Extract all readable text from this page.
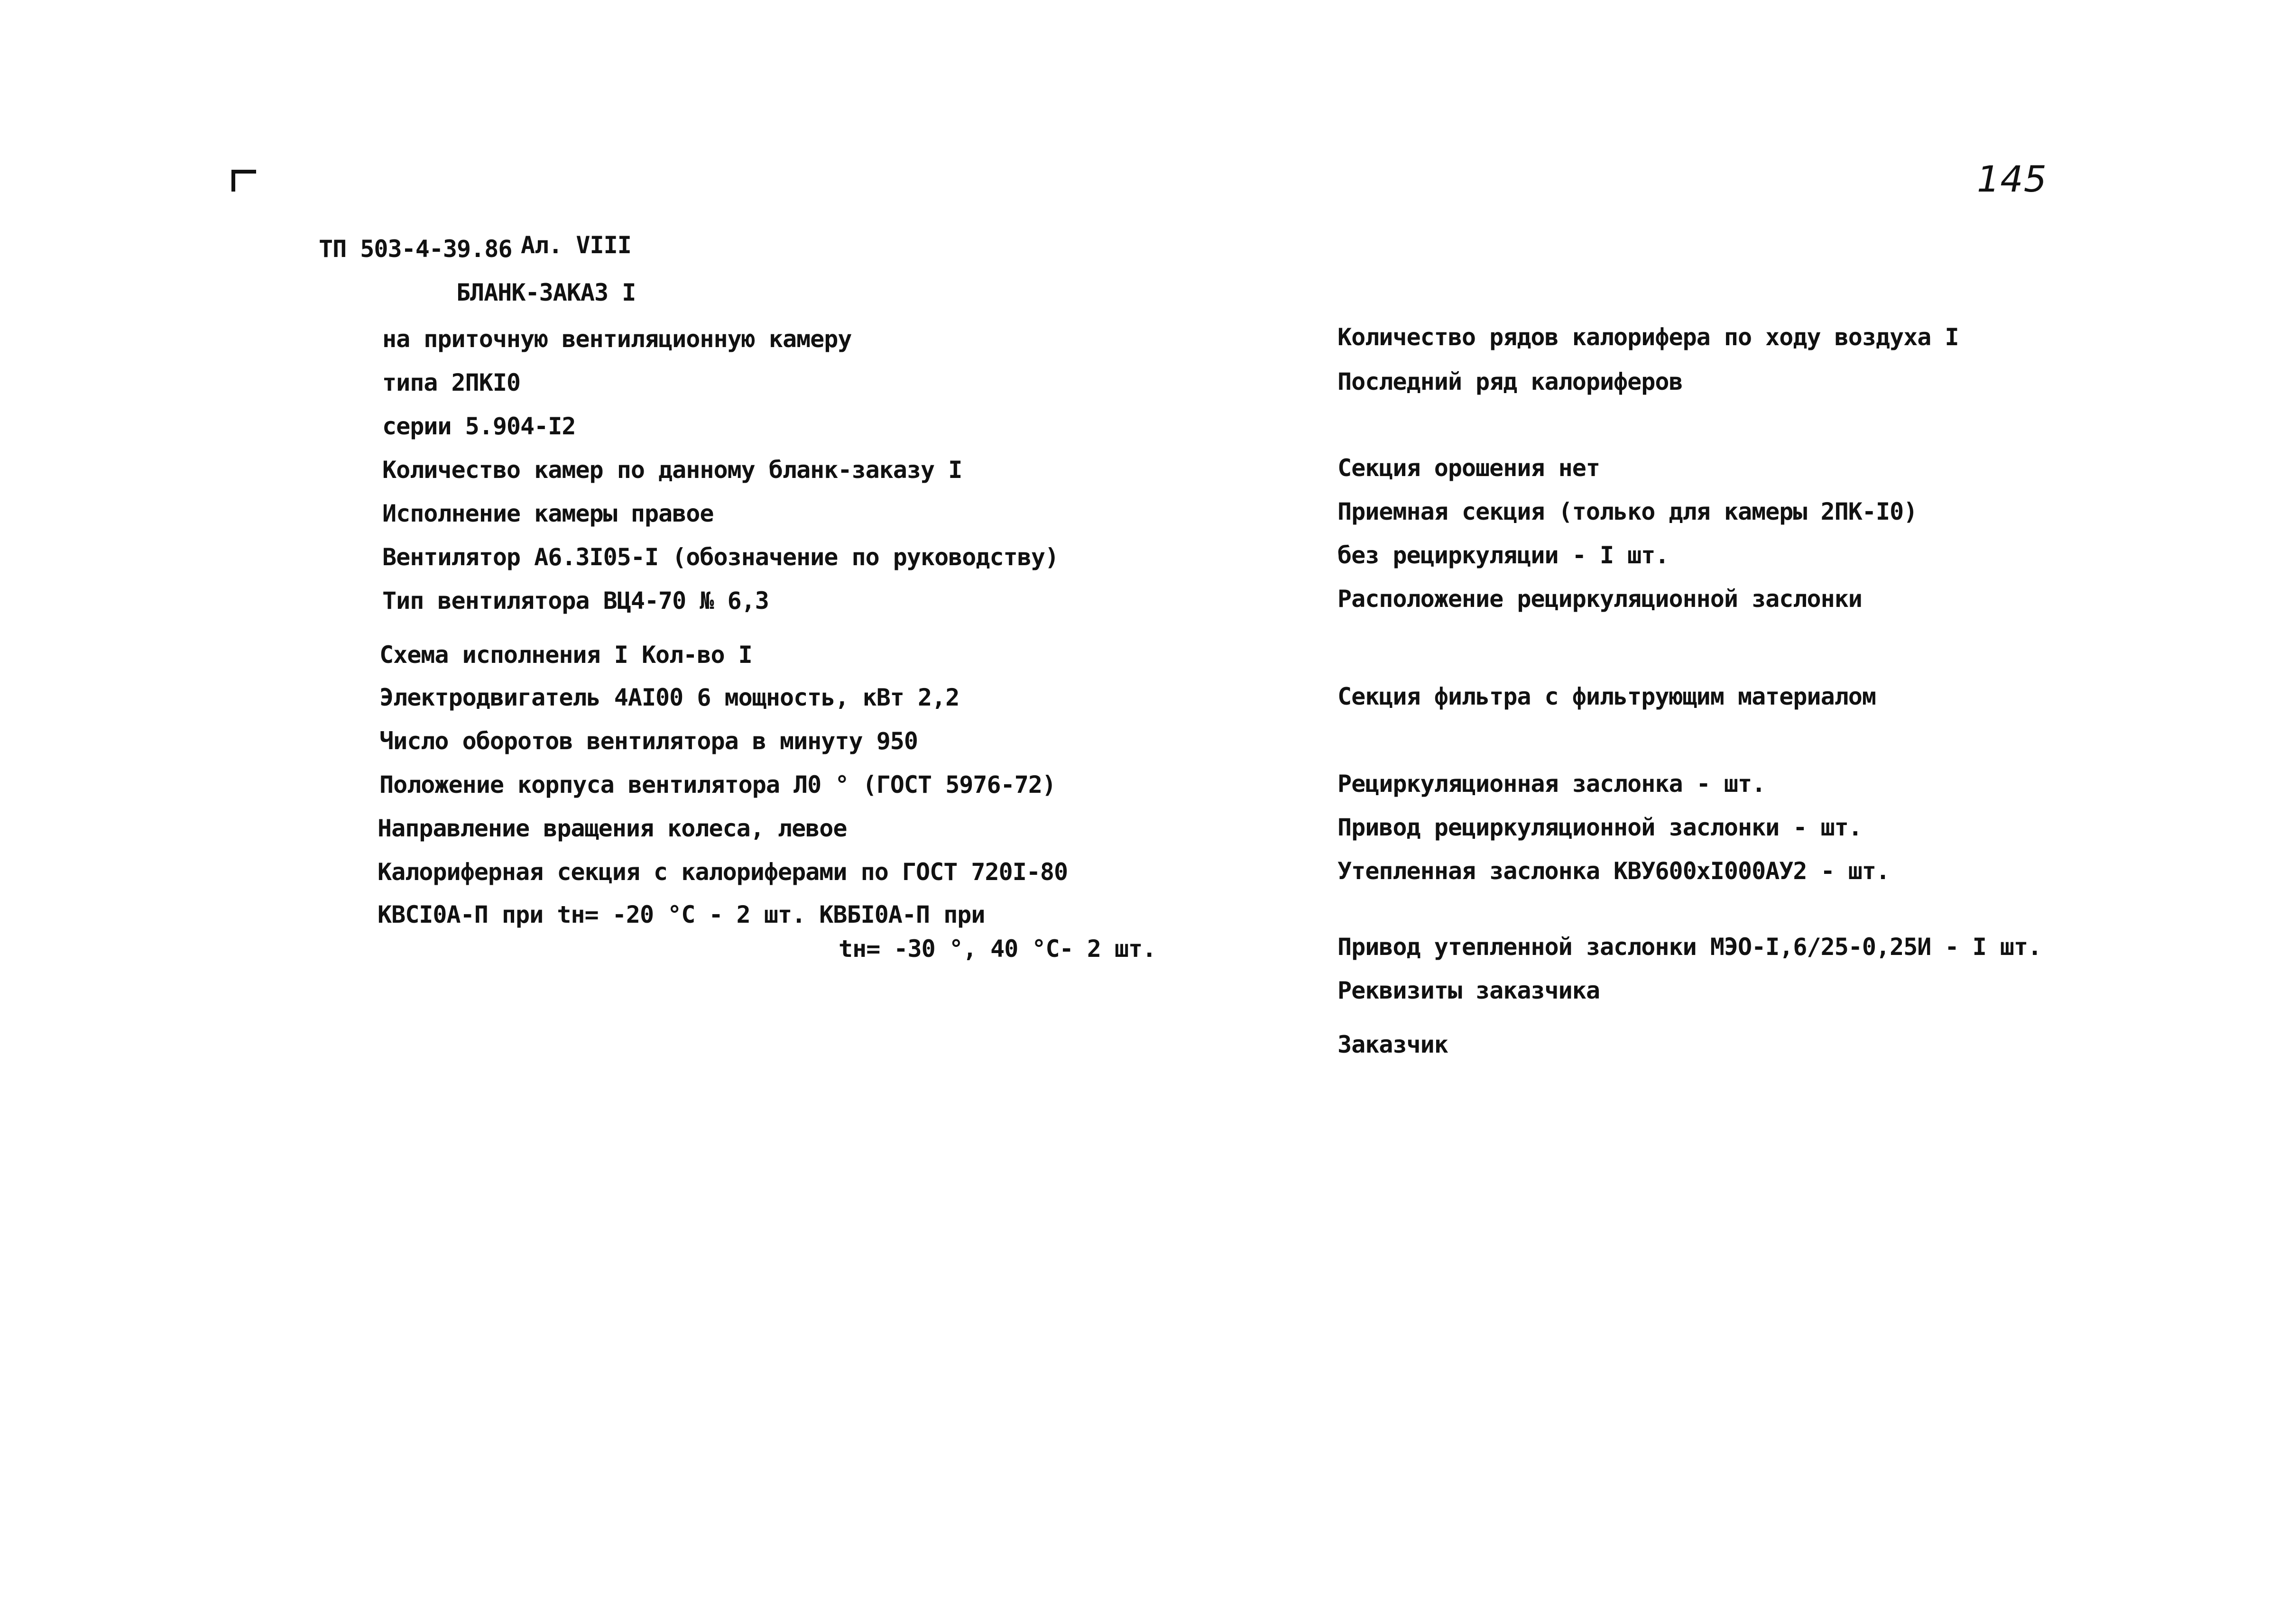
145
ТП 503-4-39.86 Ал. VIII
БЛАНК-ЗАКАЗ I
на приточную вентиляционную камеру
типа 2ПКI0
серии 5.904-I2
Количество камер по данному бланк-заказу I
Исполнение камеры правое
Вентилятор А6.3I05-I (обозначение по руководству)
Тип вентилятора ВЦ4-70 № 6,3
Схема исполнения I Кол-во I
Электродвигатель 4АI00 6 мощность, кВт 2,2
Число оборотов вентилятора в минуту 950
Положение корпуса вентилятора Л0 ° (ГОСТ 5976-72)
Направление вращения колеса, левое
Калориферная секция с калориферами по ГОСТ 720I-80
КВСI0А-П при tн= -20 °С - 2 шт. КВБI0А-П при
tн= -30 °, 40 °С- 2 шт.
Количество рядов калорифера по ходу воздуха I
Последний ряд калориферов
Секция орошения нет
Приемная секция (только для камеры 2ПК-I0)
без рециркуляции - I шт.
Расположение рециркуляционной заслонки
Секция фильтра с фильтрующим материалом
Рециркуляционная заслонка - шт.
Привод рециркуляционной заслонки - шт.
Утепленная заслонка КВУ600хI000АУ2 - шт.
Привод утепленной заслонки МЭО-I,6/25-0,25И - I шт.
Реквизиты заказчика
Заказчик
